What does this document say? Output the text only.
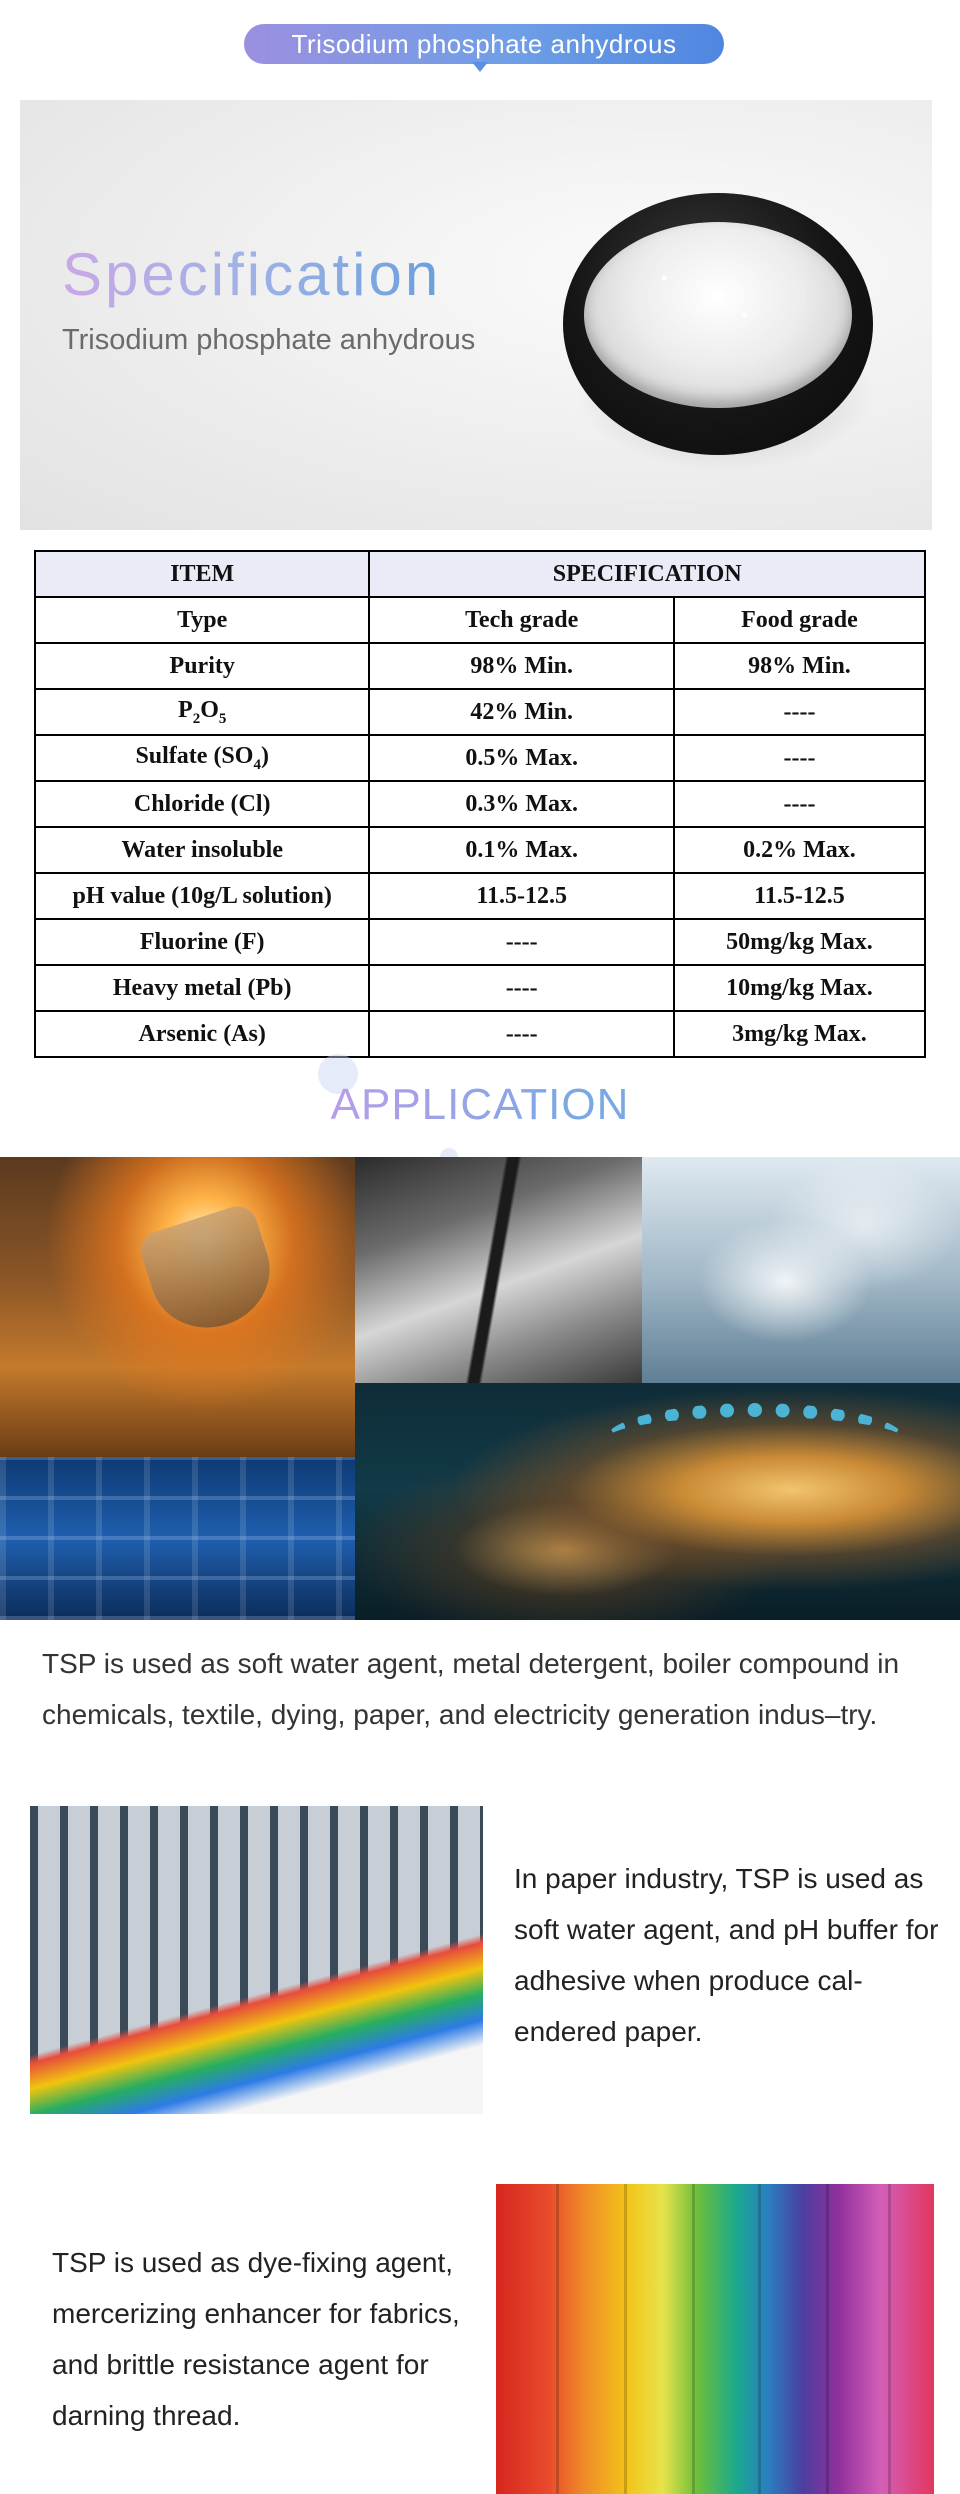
Trisodium phosphate anhydrous
Specification
Trisodium phosphate anhydrous
ITEM	SPECIFICATION	
Type	Tech grade	Food grade
Purity	98% Min.	98% Min.
$P_2O_5$	42% Min.	----
Sulfate $(SO_4)$	0.5% Max.	----
Chloride (Cl)	0.3% Max.	----
Water insoluble	0.1% Max.	0.2% Max.
pH value (10g/L solution)	11.5-12.5	11.5-12.5
Fluorine (F)	----	50mg/kg Max.
Heavy metal (Pb)	----	10mg/kg Max.
Arsenic (As)	----	3mg/kg Max.
APPLICATION
TSP is used as soft water agent, metal detergent, boiler compound in chemicals, textile, dying, paper, and electricity generation indus–try.
In paper industry, TSP is used as soft water agent, and pH buffer for adhesive when produce cal-endered paper.
TSP is used as dye-fixing agent, mercerizing enhancer for fabrics, and brittle resistance agent for darning thread.
